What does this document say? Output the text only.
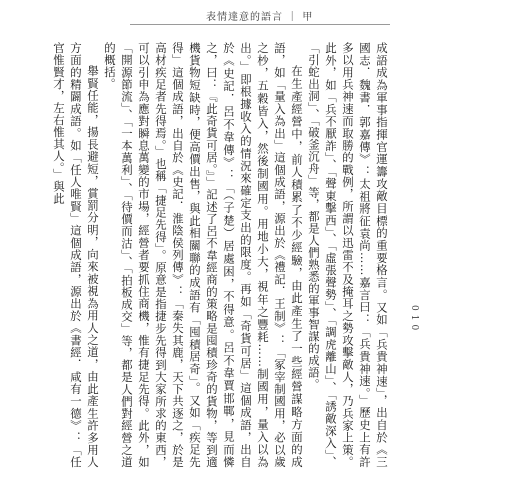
表情達意的語言 ｜ 甲

成語成為軍事指揮官運籌攻敵目標的重要格言。又如「兵貴神速」，出自於《三國志．魏書．郭嘉傳》：太祖將征袁尚……嘉言曰：「兵貴神速。」歷史上有許多以用兵神速而取勝的戰例，所謂以迅雷不及掩耳之勢攻擊敵人，乃兵家上策。此外，如「兵不厭詐」、「聲東擊西」、「虛張聲勢」、「調虎離山」、「誘敵深入」、「引蛇出洞」、「破釜沉舟」等，都是人們熟悉的軍事智謀的成語。

在生產經營中，前人積累了不少經驗，由此產生了一些經營謀略方面的成語，如「量入為出」這個成語，源出於《禮記．王制》：「冢宰制國用，必以歲之杪，五穀皆入，然後制國用。用地小大，視年之豐耗……制國用，量入以為出。」即根據收入的情況來確定支出的限度。再如「奇貨可居」這個成語，出自於《史記．呂不韋傳》：「（子楚）居處困，不得意。呂不韋賈邯鄲，見而憐之，曰：『此奇貨可居。』」記述了呂不韋經商的策略是囤積珍奇的貨物，等到適機貨物短缺時，便高價出售，與此相關聯的成語有「囤積居奇」。又如「疾足先得」這個成語，出自於《史記．淮陰侯列傳》：「秦失其鹿，天下共逐之，於是高材疾足者先得焉。」也稱「捷足先得」。原意是指捷步先得到大家所求的東西，可以引申為應對瞬息萬變的市場，經營者要抓住商機，惟有捷足先得。此外，如「開源節流」、「一本萬利」、「待價而沽」、「拍板成交」等，都是人們對經營之道的概括。

舉賢任能，揚長避短，賞罰分明，向來被視為用人之道，由此產生許多用人方面的精闢成語。如「任人唯賢」這個成語，源出於《書經．咸有一德》：「任官惟賢才，左右惟其人。」與此

010
